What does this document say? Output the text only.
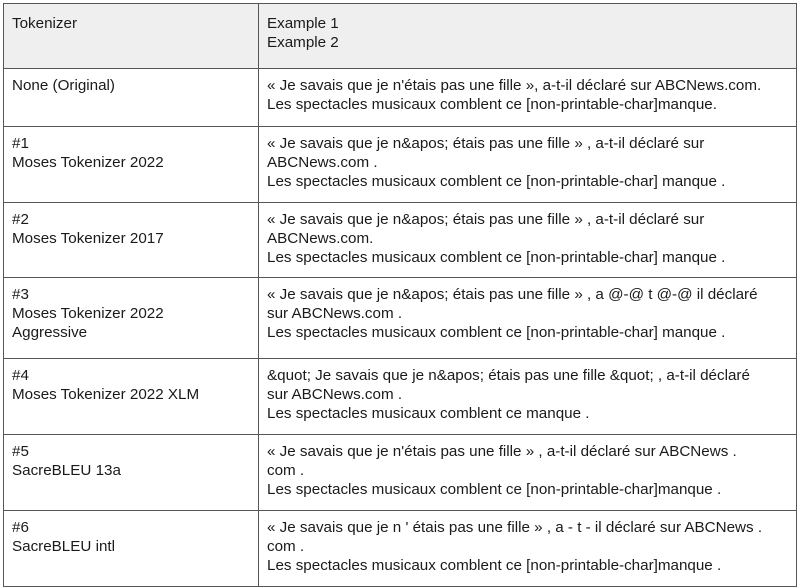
Tokenizer	Example 1
Example 2

None (Original)	« Je savais que je n'étais pas une fille », a-t-il déclaré sur ABCNews.com.
Les spectacles musicaux comblent ce [non-printable-char]manque.

#1
Moses Tokenizer 2022	« Je savais que je n&apos; étais pas une fille » , a-t-il déclaré sur
ABCNews.com .
Les spectacles musicaux comblent ce [non-printable-char] manque .

#2
Moses Tokenizer 2017	« Je savais que je n&apos; étais pas une fille » , a-t-il déclaré sur
ABCNews.com.
Les spectacles musicaux comblent ce [non-printable-char] manque .

#3
Moses Tokenizer 2022
Aggressive	« Je savais que je n&apos; étais pas une fille » , a @-@ t @-@ il déclaré
sur ABCNews.com .
Les spectacles musicaux comblent ce [non-printable-char] manque .

#4
Moses Tokenizer 2022 XLM	&quot; Je savais que je n&apos; étais pas une fille &quot; , a-t-il déclaré
sur ABCNews.com .
Les spectacles musicaux comblent ce manque .

#5
SacreBLEU 13a	« Je savais que je n'étais pas une fille » , a-t-il déclaré sur ABCNews .
com .
Les spectacles musicaux comblent ce [non-printable-char]manque .

#6
SacreBLEU intl	« Je savais que je n ' étais pas une fille » , a - t - il déclaré sur ABCNews .
com .
Les spectacles musicaux comblent ce [non-printable-char]manque .
